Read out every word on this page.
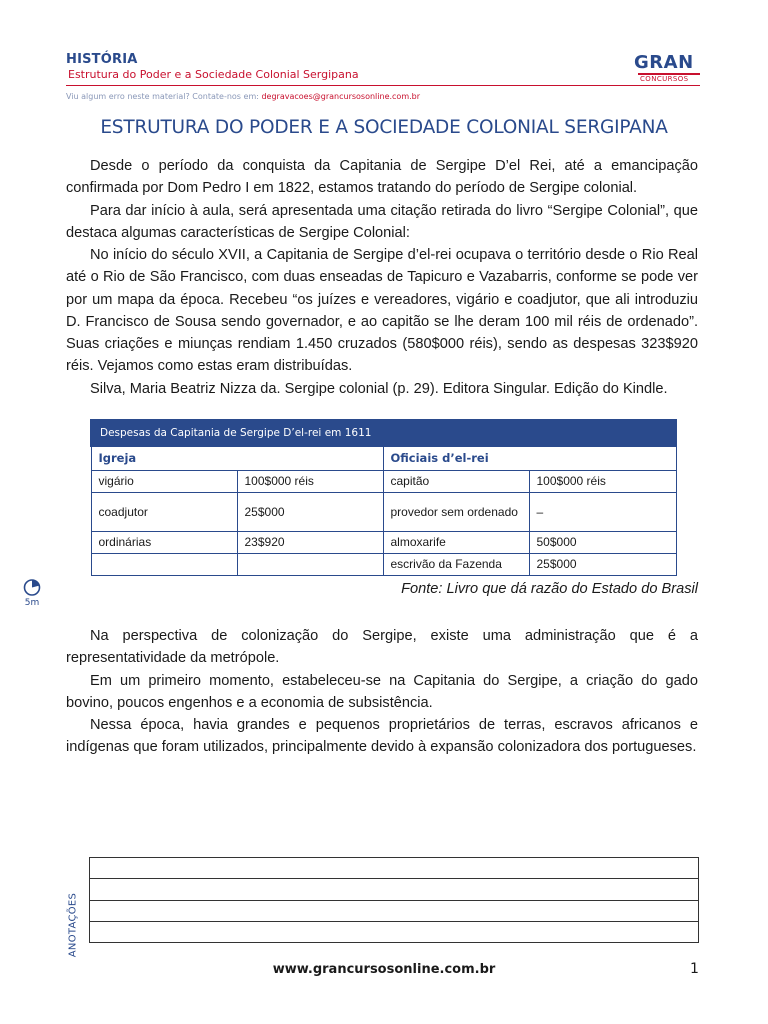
HISTÓRIA
Estrutura do Poder e a Sociedade Colonial Sergipana
Viu algum erro neste material? Contate-nos em: degravacoes@grancursosonline.com.br
GRAN
CONCURSOS
ESTRUTURA DO PODER E A SOCIEDADE COLONIAL SERGIPANA

Desde o período da conquista da Capitania de Sergipe D’el Rei, até a emancipação confirmada por Dom Pedro I em 1822, estamos tratando do período de Sergipe colonial.

Para dar início à aula, será apresentada uma citação retirada do livro “Sergipe Colonial”, que destaca algumas características de Sergipe Colonial:

No início do século XVII, a Capitania de Sergipe d’el-rei ocupava o território desde o Rio Real até o Rio de São Francisco, com duas enseadas de Tapicuro e Vazabarris, conforme se pode ver por um mapa da época. Recebeu “os juízes e vereadores, vigário e coadjutor, que ali introduziu D. Francisco de Sousa sendo governador, e ao capitão se lhe deram 100 mil réis de ordenado”. Suas criações e miunças rendiam 1.450 cruzados (580$000 réis), sendo as despesas 323$920 réis. Vejamos como estas eram distribuídas.

Silva, Maria Beatriz Nizza da. Sergipe colonial (p. 29). Editora Singular. Edição do Kindle.

Despesas da Capitania de Sergipe D’el-rei em 1611			
Igreja		Oficiais d’el-rei	
vigário	100$000 réis	capitão	100$000 réis
coadjutor	25$000	provedor sem ordenado	–
ordinárias	23$920	almoxarife	50$000
		escrivão da Fazenda	25$000
Fonte: Livro que dá razão do Estado do Brasil
5m

Na perspectiva de colonização do Sergipe, existe uma administração que é a representatividade da metrópole.

Em um primeiro momento, estabeleceu-se na Capitania do Sergipe, a criação do gado bovino, poucos engenhos e a economia de subsistência.

Nessa época, havia grandes e pequenos proprietários de terras, escravos africanos e indígenas que foram utilizados, principalmente devido à expansão colonizadora dos portugueses.

ANOTAÇÕES
www.grancursosonline.com.br	1
